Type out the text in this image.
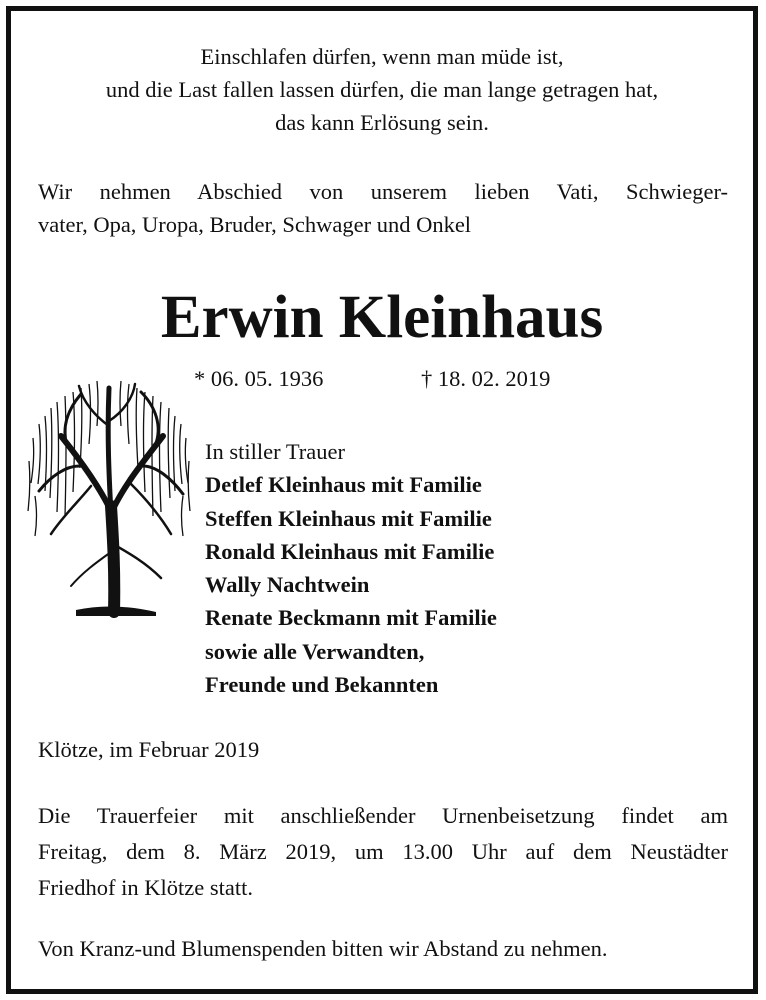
Einschlafen dürfen, wenn man müde ist,
und die Last fallen lassen dürfen, die man lange getragen hat,
das kann Erlösung sein.
Wir nehmen Abschied von unserem lieben Vati, Schwieger-
vater, Opa, Uropa, Bruder, Schwager und Onkel
Erwin Kleinhaus
* 06. 05. 1936	† 18. 02. 2019
In stiller Trauer
Detlef Kleinhaus mit Familie
Steffen Kleinhaus mit Familie
Ronald Kleinhaus mit Familie
Wally Nachtwein
Renate Beckmann mit Familie
sowie alle Verwandten,
Freunde und Bekannten
Klötze, im Februar 2019
Die Trauerfeier mit anschließender Urnenbeisetzung findet am
Freitag, dem 8. März 2019, um 13.00 Uhr auf dem Neustädter
Friedhof in Klötze statt.
Von Kranz-und Blumenspenden bitten wir Abstand zu nehmen.
